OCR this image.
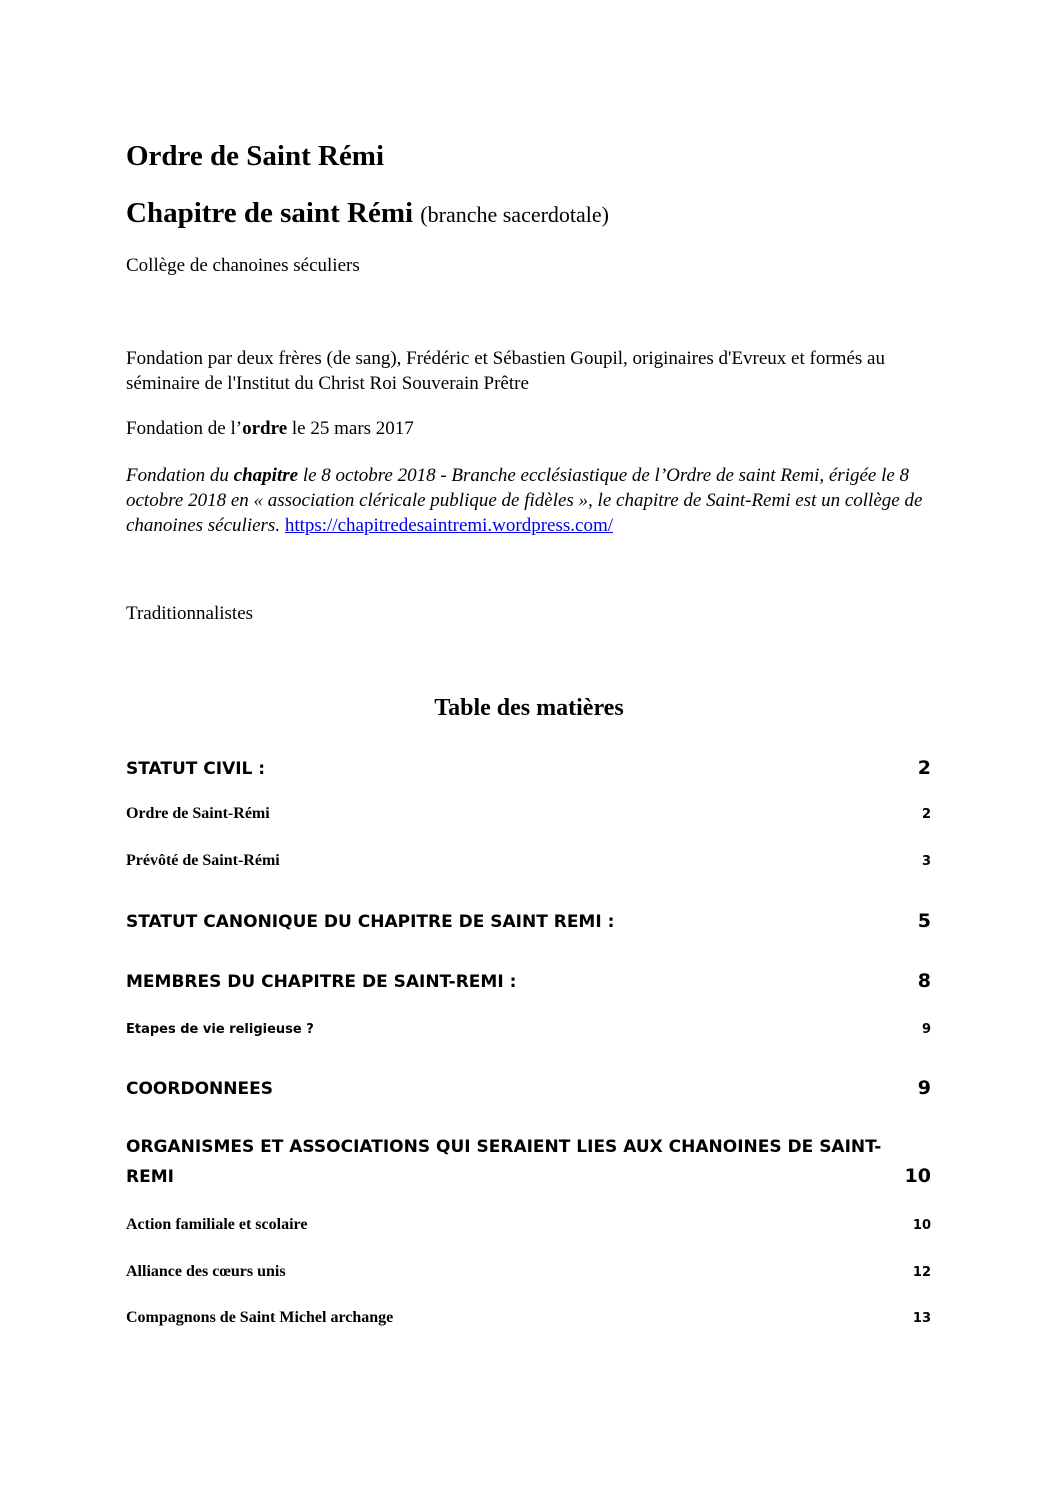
Ordre de Saint Rémi
Chapitre de saint Rémi (branche sacerdotale)
Collège de chanoines séculiers
Fondation par deux frères (de sang), Frédéric et Sébastien Goupil, originaires d'Evreux et formés au séminaire de l'Institut du Christ Roi Souverain Prêtre
Fondation de l’ordre le 25 mars 2017
Fondation du chapitre le 8 octobre 2018 - Branche ecclésiastique de l’Ordre de saint Remi, érigée le 8 octobre 2018 en « association cléricale publique de fidèles », le chapitre de Saint-Remi est un collège de chanoines séculiers. https://chapitredesaintremi.wordpress.com/
Traditionnalistes
Table des matières
STATUT CIVIL :	2
Ordre de Saint-Rémi	2
Prévôté de Saint-Rémi	3
STATUT CANONIQUE DU CHAPITRE DE SAINT REMI :	5
MEMBRES DU CHAPITRE DE SAINT-REMI :	8
Etapes de vie religieuse ?	9
COORDONNEES	9
ORGANISMES ET ASSOCIATIONS QUI SERAIENT LIES AUX CHANOINES DE SAINT-
REMI	10
Action familiale et scolaire	10
Alliance des cœurs unis	12
Compagnons de Saint Michel archange	13
